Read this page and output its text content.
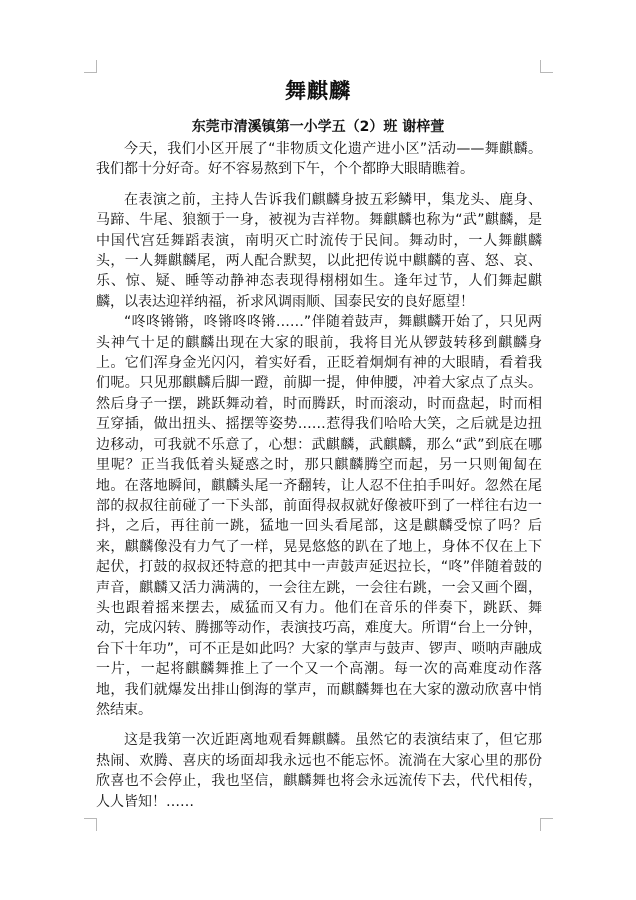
舞麒麟
东莞市清溪镇第一小学五（2）班 谢梓萱

今天，我们小区开展了“非物质文化遗产进小区”活动——舞麒麟。我们都十分好奇。好不容易熬到下午，个个都睁大眼睛瞧着。

在表演之前，主持人告诉我们麒麟身披五彩鳞甲，集龙头、鹿身、马蹄、牛尾、狼额于一身，被视为吉祥物。舞麒麟也称为“武”麒麟，是中国代宫廷舞蹈表演，南明灭亡时流传于民间。舞动时，一人舞麒麟头，一人舞麒麟尾，两人配合默契，以此把传说中麒麟的喜、怒、哀、乐、惊、疑、睡等动静神态表现得栩栩如生。逢年过节，人们舞起麒麟，以表达迎祥纳福，祈求风调雨顺、国泰民安的良好愿望！

“咚咚锵锵，咚锵咚咚锵……”伴随着鼓声，舞麒麟开始了，只见两头神气十足的麒麟出现在大家的眼前，我将目光从锣鼓转移到麒麟身上。它们浑身金光闪闪，着实好看，正眨着炯炯有神的大眼睛，看着我们呢。只见那麒麟后脚一蹬，前脚一提，伸伸腰，冲着大家点了点头。然后身子一摆，跳跃舞动着，时而腾跃，时而滚动，时而盘起，时而相互穿插，做出扭头、摇摆等姿势……惹得我们哈哈大笑，之后就是边扭边移动，可我就不乐意了，心想：武麒麟，武麒麟，那么“武”到底在哪里呢？正当我低着头疑惑之时，那只麒麟腾空而起，另一只则匍匐在地。在落地瞬间，麒麟头尾一齐翻转，让人忍不住拍手叫好。忽然在尾部的叔叔往前碰了一下头部，前面得叔叔就好像被吓到了一样往右边一抖，之后，再往前一跳，猛地一回头看尾部，这是麒麟受惊了吗？后来，麒麟像没有力气了一样，晃晃悠悠的趴在了地上，身体不仅在上下起伏，打鼓的叔叔还特意的把其中一声鼓声延迟拉长，“咚”伴随着鼓的声音，麒麟又活力满满的，一会往左跳，一会往右跳，一会又画个圈，头也跟着摇来摆去，威猛而又有力。他们在音乐的伴奏下，跳跃、舞动，完成闪转、腾挪等动作，表演技巧高，难度大。所谓“台上一分钟，台下十年功”，可不正是如此吗？大家的掌声与鼓声、锣声、唢呐声融成一片，一起将麒麟舞推上了一个又一个高潮。每一次的高难度动作落地，我们就爆发出排山倒海的掌声，而麒麟舞也在大家的激动欣喜中悄然结束。

这是我第一次近距离地观看舞麒麟。虽然它的表演结束了，但它那热闹、欢腾、喜庆的场面却我永远也不能忘怀。流淌在大家心里的那份欣喜也不会停止，我也坚信，麒麟舞也将会永远流传下去，代代相传，人人皆知！……
